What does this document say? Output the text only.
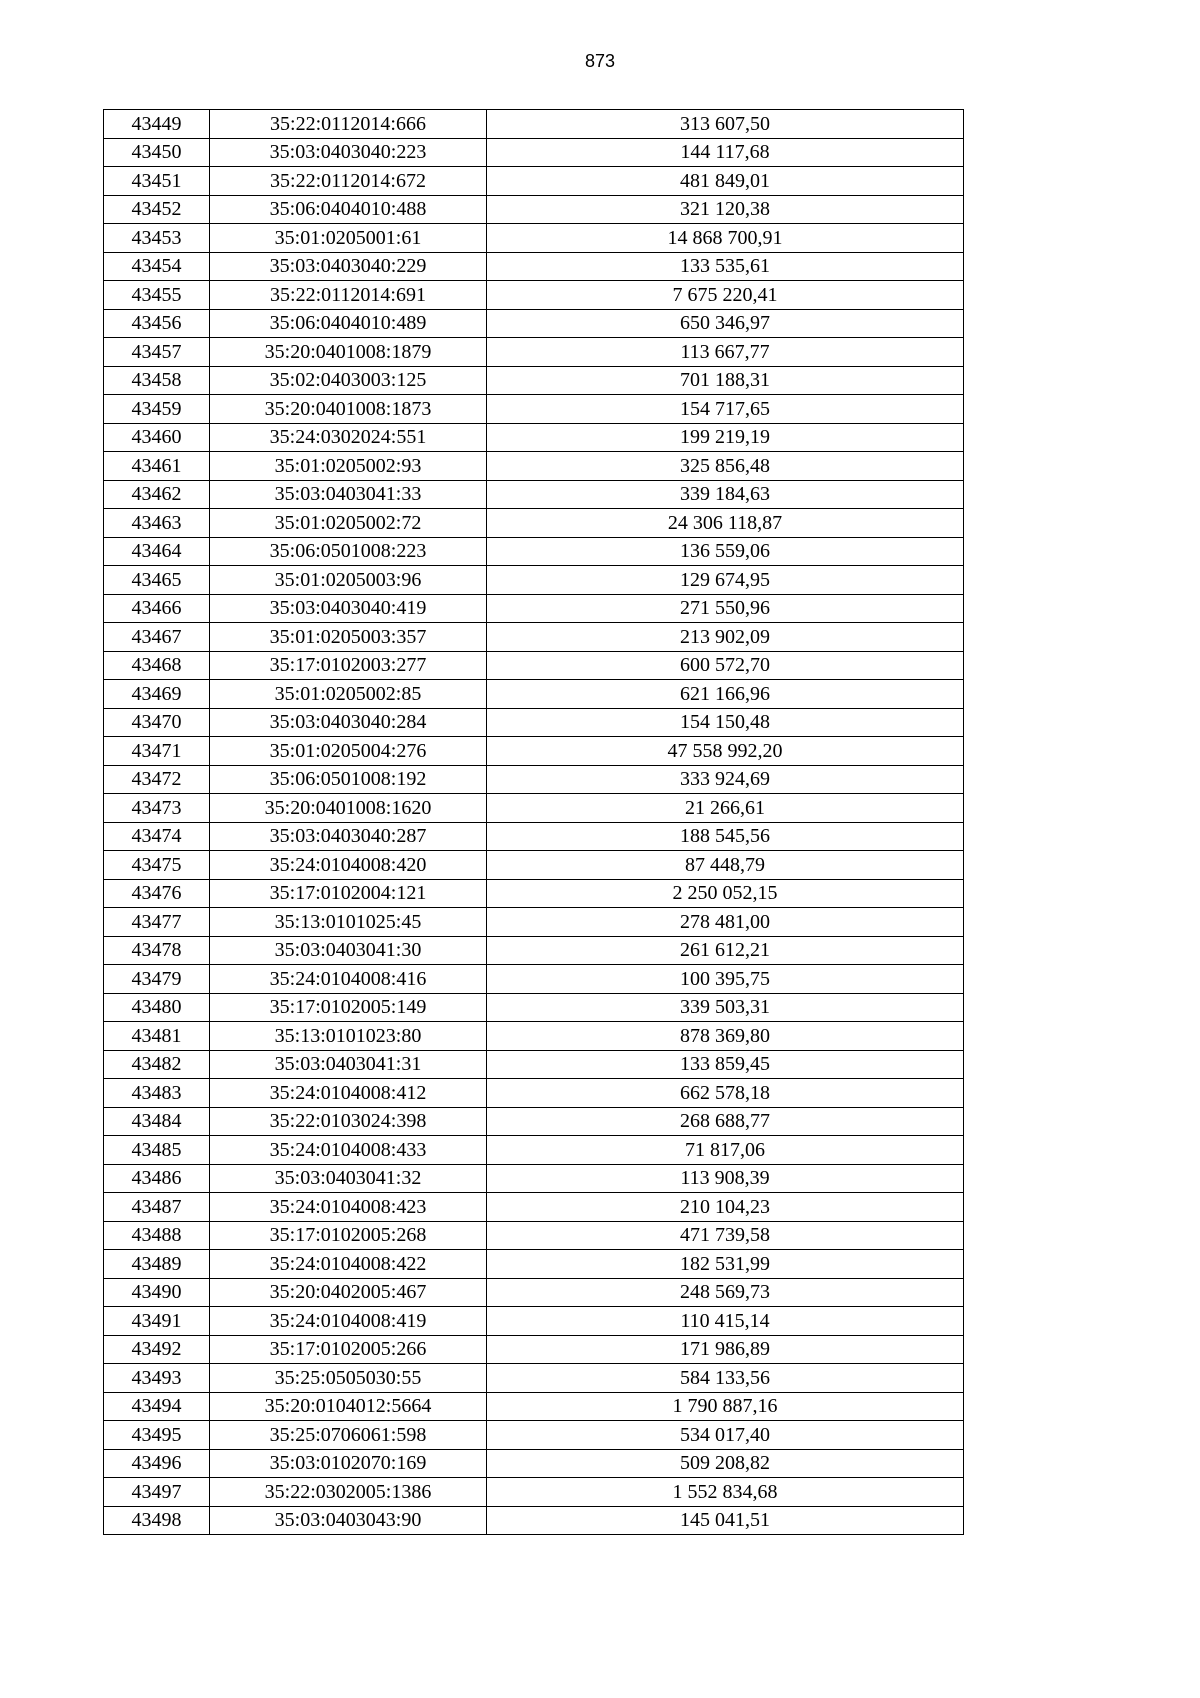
873
43449	35:22:0112014:666	313 607,50
43450	35:03:0403040:223	144 117,68
43451	35:22:0112014:672	481 849,01
43452	35:06:0404010:488	321 120,38
43453	35:01:0205001:61	14 868 700,91
43454	35:03:0403040:229	133 535,61
43455	35:22:0112014:691	7 675 220,41
43456	35:06:0404010:489	650 346,97
43457	35:20:0401008:1879	113 667,77
43458	35:02:0403003:125	701 188,31
43459	35:20:0401008:1873	154 717,65
43460	35:24:0302024:551	199 219,19
43461	35:01:0205002:93	325 856,48
43462	35:03:0403041:33	339 184,63
43463	35:01:0205002:72	24 306 118,87
43464	35:06:0501008:223	136 559,06
43465	35:01:0205003:96	129 674,95
43466	35:03:0403040:419	271 550,96
43467	35:01:0205003:357	213 902,09
43468	35:17:0102003:277	600 572,70
43469	35:01:0205002:85	621 166,96
43470	35:03:0403040:284	154 150,48
43471	35:01:0205004:276	47 558 992,20
43472	35:06:0501008:192	333 924,69
43473	35:20:0401008:1620	21 266,61
43474	35:03:0403040:287	188 545,56
43475	35:24:0104008:420	87 448,79
43476	35:17:0102004:121	2 250 052,15
43477	35:13:0101025:45	278 481,00
43478	35:03:0403041:30	261 612,21
43479	35:24:0104008:416	100 395,75
43480	35:17:0102005:149	339 503,31
43481	35:13:0101023:80	878 369,80
43482	35:03:0403041:31	133 859,45
43483	35:24:0104008:412	662 578,18
43484	35:22:0103024:398	268 688,77
43485	35:24:0104008:433	71 817,06
43486	35:03:0403041:32	113 908,39
43487	35:24:0104008:423	210 104,23
43488	35:17:0102005:268	471 739,58
43489	35:24:0104008:422	182 531,99
43490	35:20:0402005:467	248 569,73
43491	35:24:0104008:419	110 415,14
43492	35:17:0102005:266	171 986,89
43493	35:25:0505030:55	584 133,56
43494	35:20:0104012:5664	1 790 887,16
43495	35:25:0706061:598	534 017,40
43496	35:03:0102070:169	509 208,82
43497	35:22:0302005:1386	1 552 834,68
43498	35:03:0403043:90	145 041,51
